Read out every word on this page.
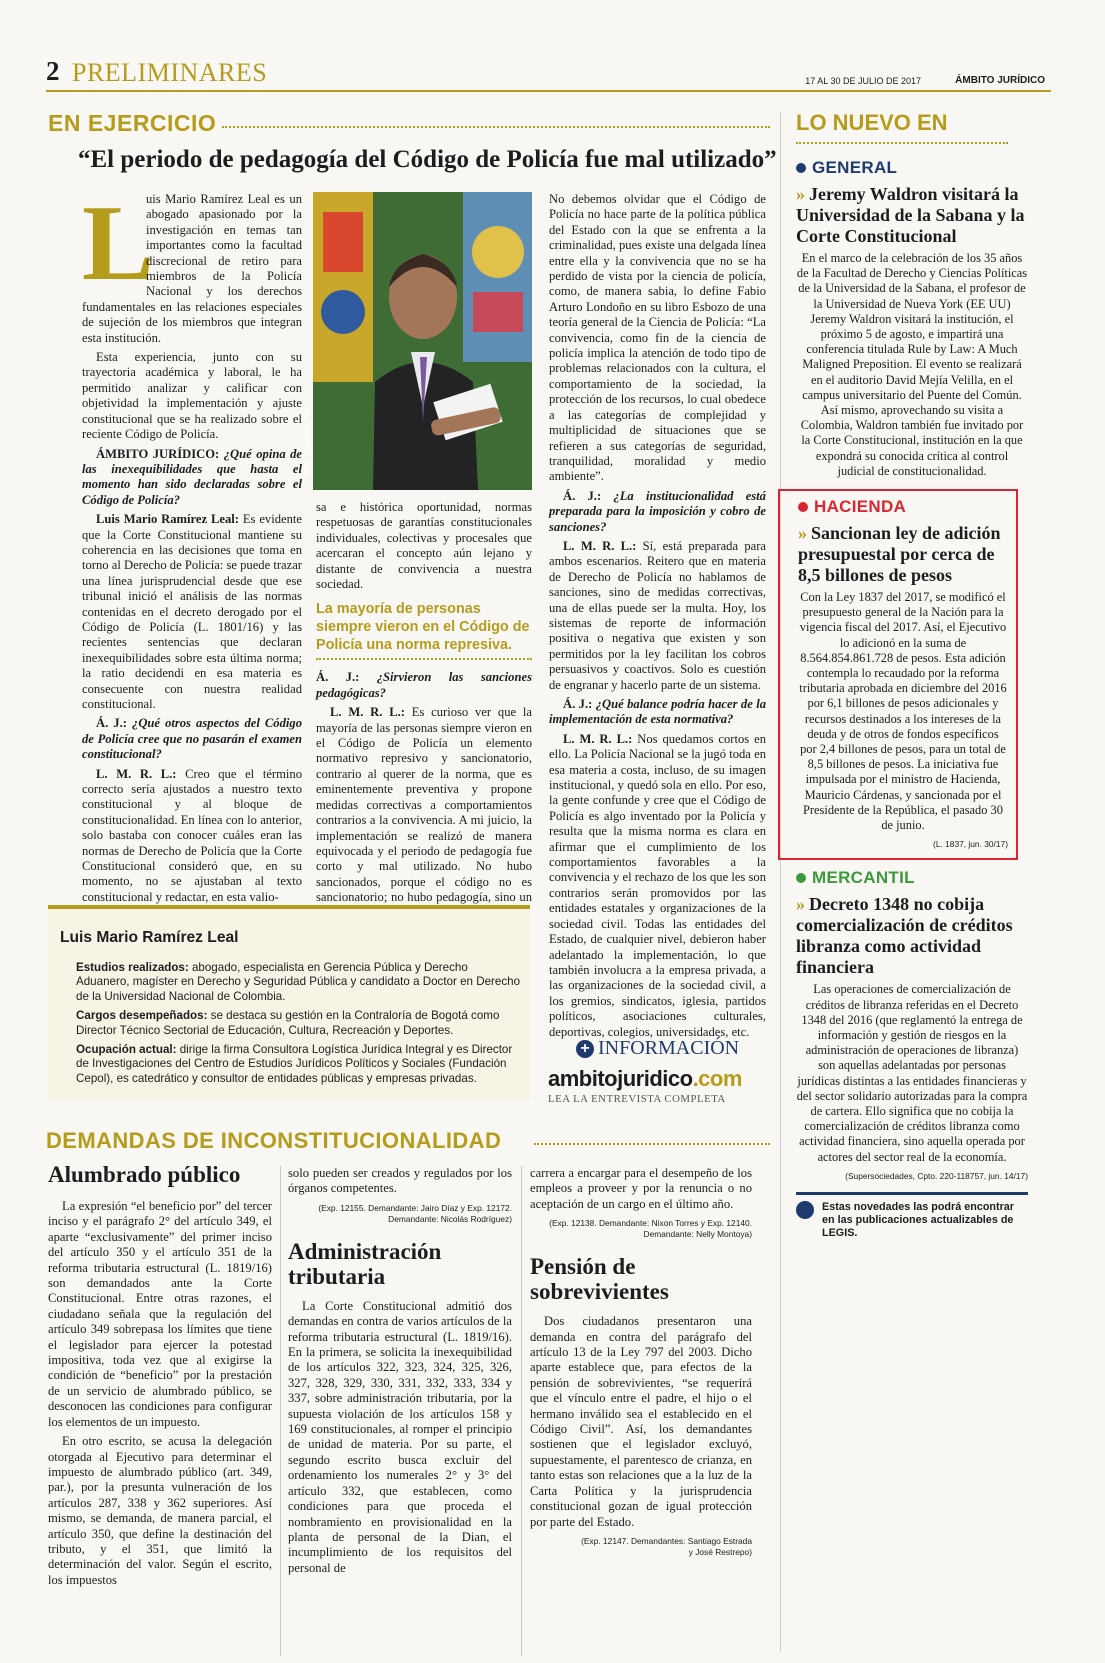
2 PRELIMINARES	17 AL 30 DE JULIO DE 2017	ÁMBITO JURÍDICO
EN EJERCICIO
“El periodo de pedagogía del Código de Policía fue mal utilizado”
L

uis Mario Ramírez Leal es un abogado apasionado por la investigación en temas tan importantes como la facultad discrecional de retiro para miembros de la Policía Nacional y los derechos fundamentales en las relaciones especiales de sujeción de los miembros que integran esta institución.

Esta experiencia, junto con su trayectoria académica y laboral, le ha permitido analizar y calificar con objetividad la implementación y ajuste constitucional que se ha realizado sobre el reciente Código de Policía.

ÁMBITO JURÍDICO: ¿Qué opina de las inexequibilidades que hasta el momento han sido declaradas sobre el Código de Policía?

Luis Mario Ramírez Leal: Es evidente que la Corte Constitucional mantiene su coherencia en las decisiones que toma en torno al Derecho de Policía: se puede trazar una línea jurisprudencial desde que ese tribunal inició el análisis de las normas contenidas en el decreto derogado por el Código de Policía (L. 1801/16) y las recientes sentencias que declaran inexequibilidades sobre esta última norma; la ratio decidendi en esa materia es consecuente con nuestra realidad constitucional.

Á. J.: ¿Qué otros aspectos del Código de Policía cree que no pasarán el examen constitucional?

L. M. R. L.: Creo que el término correcto sería ajustados a nuestro texto constitucional y al bloque de constitucionalidad. En línea con lo anterior, solo bastaba con conocer cuáles eran las normas de Derecho de Policía que la Corte Constitucional consideró que, en su momento, no se ajustaban al texto constitucional y redactar, en esta valio-

FOTO: Humberto Pinto

sa e histórica oportunidad, normas respetuosas de garantías constitucionales individuales, colectivas y procesales que acercaran el concepto aún lejano y distante de convivencia a nuestra sociedad.

La mayoría de personas siempre vieron en el Código de Policía una norma represiva.

Á. J.: ¿Sirvieron las sanciones pedagógicas?

L. M. R. L.: Es curioso ver que la mayoría de las personas siempre vieron en el Código de Policía un elemento normativo represivo y sancionatorio, contrario al querer de la norma, que es eminentemente preventiva y propone medidas correctivas a comportamientos contrarios a la convivencia. A mi juicio, la implementación se realizó de manera equivocada y el periodo de pedagogía fue corto y mal utilizado. No hubo sancionados, porque el código no es sancionatorio; no hubo pedagogía, sino un

No debemos olvidar que el Código de Policía no hace parte de la política pública del Estado con la que se enfrenta a la criminalidad, pues existe una delgada línea entre ella y la convivencia que no se ha perdido de vista por la ciencia de policía, como, de manera sabia, lo define Fabio Arturo Londoño en su libro Esbozo de una teoría general de la Ciencia de Policía: “La convivencia, como fin de la ciencia de policía implica la atención de todo tipo de problemas relacionados con la cultura, el comportamiento de la sociedad, la protección de los recursos, lo cual obedece a las categorías de complejidad y multiplicidad de situaciones que se refieren a sus categorías de seguridad, tranquilidad, moralidad y medio ambiente”.

Á. J.: ¿La institucionalidad está preparada para la imposición y cobro de sanciones?

L. M. R. L.: Sí, está preparada para ambos escenarios. Reitero que en materia de Derecho de Policía no hablamos de sanciones, sino de medidas correctivas, una de ellas puede ser la multa. Hoy, los sistemas de reporte de información positiva o negativa que existen y son permitidos por la ley facilitan los cobros persuasivos y coactivos. Solo es cuestión de engranar y hacerlo parte de un sistema.

Á. J.: ¿Qué balance podría hacer de la implementación de esta normativa?

L. M. R. L.: Nos quedamos cortos en ello. La Policía Nacional se la jugó toda en esa materia a costa, incluso, de su imagen institucional, y quedó sola en ello. Por eso, la gente confunde y cree que el Código de Policía es algo inventado por la Policía y resulta que la misma norma es clara en afirmar que el cumplimiento de los comportamientos favorables a la convivencia y el rechazo de los que les son contrarios serán promovidos por las entidades estatales y organizaciones de la sociedad civil. Todas las entidades del Estado, de cualquier nivel, debieron haber adelantado la implementación, lo que también involucra a la empresa privada, a las organizaciones de la sociedad civil, a los gremios, sindicatos, iglesia, partidos políticos, asociaciones culturales, deportivas, colegios, universidades, etc.

Luis Mario Ramírez Leal

Estudios realizados: abogado, especialista en Gerencia Pública y Derecho Aduanero, magíster en Derecho y Seguridad Pública y candidato a Doctor en Derecho de la Universidad Nacional de Colombia.

Cargos desempeñados: se destaca su gestión en la Contraloría de Bogotá como Director Técnico Sectorial de Educación, Cultura, Recreación y Deportes.

Ocupación actual: dirige la firma Consultora Logística Jurídica Integral y es Director de Investigaciones del Centro de Estudios Jurídicos Políticos y Sociales (Fundación Cepol), es catedrático y consultor de entidades públicas y empresas privadas.

+ INFORMACIÓN
ambitojuridico.com
LEA LA ENTREVISTA COMPLETA
DEMANDAS DE INCONSTITUCIONALIDAD
Alumbrado público

La expresión “el beneficio por” del tercer inciso y el parágrafo 2° del artículo 349, el aparte “exclusivamente” del primer inciso del artículo 350 y el artículo 351 de la reforma tributaria estructural (L. 1819/16) son demandados ante la Corte Constitucional. Entre otras razones, el ciudadano señala que la regulación del artículo 349 sobrepasa los límites que tiene el legislador para ejercer la potestad impositiva, toda vez que al exigirse la condición de “beneficio” por la prestación de un servicio de alumbrado público, se desconocen las condiciones para configurar los elementos de un impuesto.

En otro escrito, se acusa la delegación otorgada al Ejecutivo para determinar el impuesto de alumbrado público (art. 349, par.), por la presunta vulneración de los artículos 287, 338 y 362 superiores. Así mismo, se demanda, de manera parcial, el artículo 350, que define la destinación del tributo, y el 351, que limitó la determinación del valor. Según el escrito, los impuestos

solo pueden ser creados y regulados por los órganos competentes.

(Exp. 12155. Demandante: Jairo Díaz y Exp. 12172.
Demandante: Nicolás Rodríguez)
Administración tributaria

La Corte Constitucional admitió dos demandas en contra de varios artículos de la reforma tributaria estructural (L. 1819/16). En la primera, se solicita la inexequibilidad de los artículos 322, 323, 324, 325, 326, 327, 328, 329, 330, 331, 332, 333, 334 y 337, sobre administración tributaria, por la supuesta violación de los artículos 158 y 169 constitucionales, al romper el principio de unidad de materia. Por su parte, el segundo escrito busca excluir del ordenamiento los numerales 2° y 3° del artículo 332, que establecen, como condiciones para que proceda el nombramiento en provisionalidad en la planta de personal de la Dian, el incumplimiento de los requisitos del personal de

carrera a encargar para el desempeño de los empleos a proveer y por la renuncia o no aceptación de un cargo en el último año.

(Exp. 12138. Demandante: Nixon Torres y Exp. 12140.
Demandante: Nelly Montoya)
Pensión de sobrevivientes

Dos ciudadanos presentaron una demanda en contra del parágrafo del artículo 13 de la Ley 797 del 2003. Dicho aparte establece que, para efectos de la pensión de sobrevivientes, “se requerirá que el vínculo entre el padre, el hijo o el hermano inválido sea el establecido en el Código Civil”. Así, los demandantes sostienen que el legislador excluyó, supuestamente, el parentesco de crianza, en tanto estas son relaciones que a la luz de la Carta Política y la jurisprudencia constitucional gozan de igual protección por parte del Estado.

(Exp. 12147. Demandantes: Santiago Estrada
y José Restrepo)
LO NUEVO EN
GENERAL
» Jeremy Waldron visitará la Universidad de la Sabana y la Corte Constitucional

En el marco de la celebración de los 35 años de la Facultad de Derecho y Ciencias Políticas de la Universidad de la Sabana, el profesor de la Universidad de Nueva York (EE UU) Jeremy Waldron visitará la institución, el próximo 5 de agosto, e impartirá una conferencia titulada Rule by Law: A Much Maligned Preposition. El evento se realizará en el auditorio David Mejía Velilla, en el campus universitario del Puente del Común. Así mismo, aprovechando su visita a Colombia, Waldron también fue invitado por la Corte Constitucional, institución en la que expondrá su conocida crítica al control judicial de constitucionalidad.

HACIENDA
» Sancionan ley de adición presupuestal por cerca de 8,5 billones de pesos

Con la Ley 1837 del 2017, se modificó el presupuesto general de la Nación para la vigencia fiscal del 2017. Así, el Ejecutivo lo adicionó en la suma de 8.564.854.861.728 de pesos. Esta adición contempla lo recaudado por la reforma tributaria aprobada en diciembre del 2016 por 6,1 billones de pesos adicionales y recursos destinados a los intereses de la deuda y de otros de fondos específicos por 2,4 billones de pesos, para un total de 8,5 billones de pesos. La iniciativa fue impulsada por el ministro de Hacienda, Mauricio Cárdenas, y sancionada por el Presidente de la República, el pasado 30 de junio.

(L. 1837, jun. 30/17)
MERCANTIL
» Decreto 1348 no cobija comercialización de créditos libranza como actividad financiera

Las operaciones de comercialización de créditos de libranza referidas en el Decreto 1348 del 2016 (que reglamentó la entrega de información y gestión de riesgos en la administración de operaciones de libranza) son aquellas adelantadas por personas jurídicas distintas a las entidades financieras y del sector solidario autorizadas para la compra de cartera. Ello significa que no cobija la comercialización de créditos libranza como actividad financiera, sino aquella operada por actores del sector real de la economía.

(Supersociedades, Cpto. 220-118757, jun. 14/17)
Estas novedades las podrá encontrar en las publicaciones actualizables de LEGIS.
